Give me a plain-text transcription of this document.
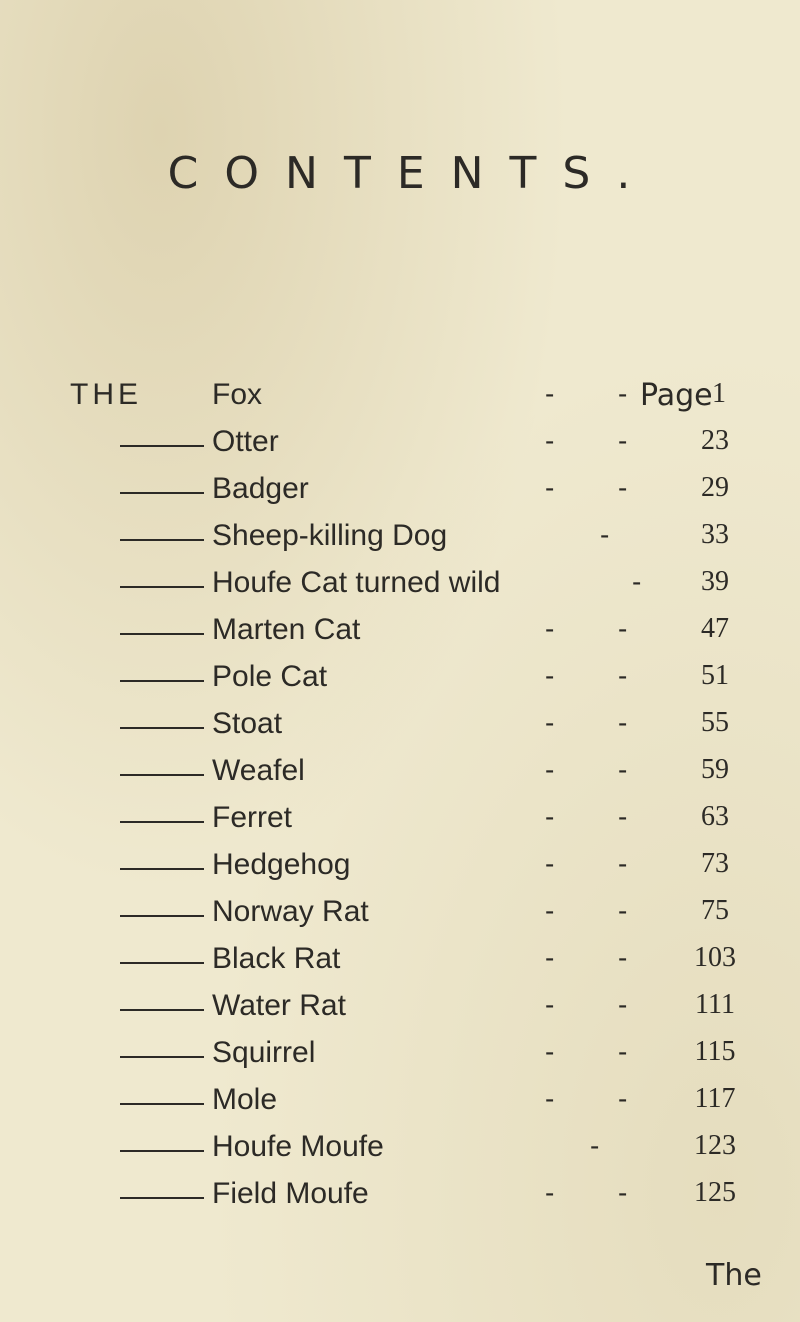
CONTENTS.
Page
THE Fox	- -	1
Otter	- -	23
Badger	- -	29
Sheep-killing Dog	-	33
Houfe Cat turned wild	-	39
Marten Cat	- -	47
Pole Cat	- -	51
Stoat	- -	55
Weafel	- -	59
Ferret	- -	63
Hedgehog	- -	73
Norway Rat	- -	75
Black Rat	- -	103
Water Rat	- -	111
Squirrel	- -	115
Mole	- -	117
Houfe Moufe	-	123
Field Moufe	- -	125
The
